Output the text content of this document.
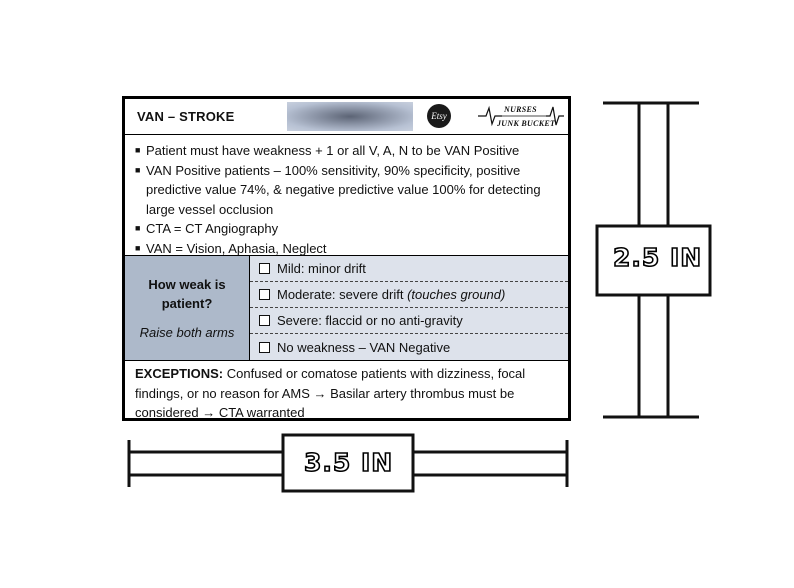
VAN – STROKE	Etsy
NURSES
JUNK BUCKET
■ Patient must have weakness + 1 or all V, A, N to be VAN Positive
■ VAN Positive patients – 100% sensitivity, 90% specificity, positive predictive value 74%, & negative predictive value 100% for detecting large vessel occlusion
■ CTA = CT Angiography
■ VAN = Vision, Aphasia, Neglect
How weak is patient?
Raise both arms
Mild: minor drift
Moderate: severe drift (touches ground)
Severe: flaccid or no anti-gravity
No weakness – VAN Negative
EXCEPTIONS: Confused or comatose patients with dizziness, focal findings, or no reason for AMS → Basilar artery thrombus must be considered → CTA warranted
2.5 IN
3.5 IN
